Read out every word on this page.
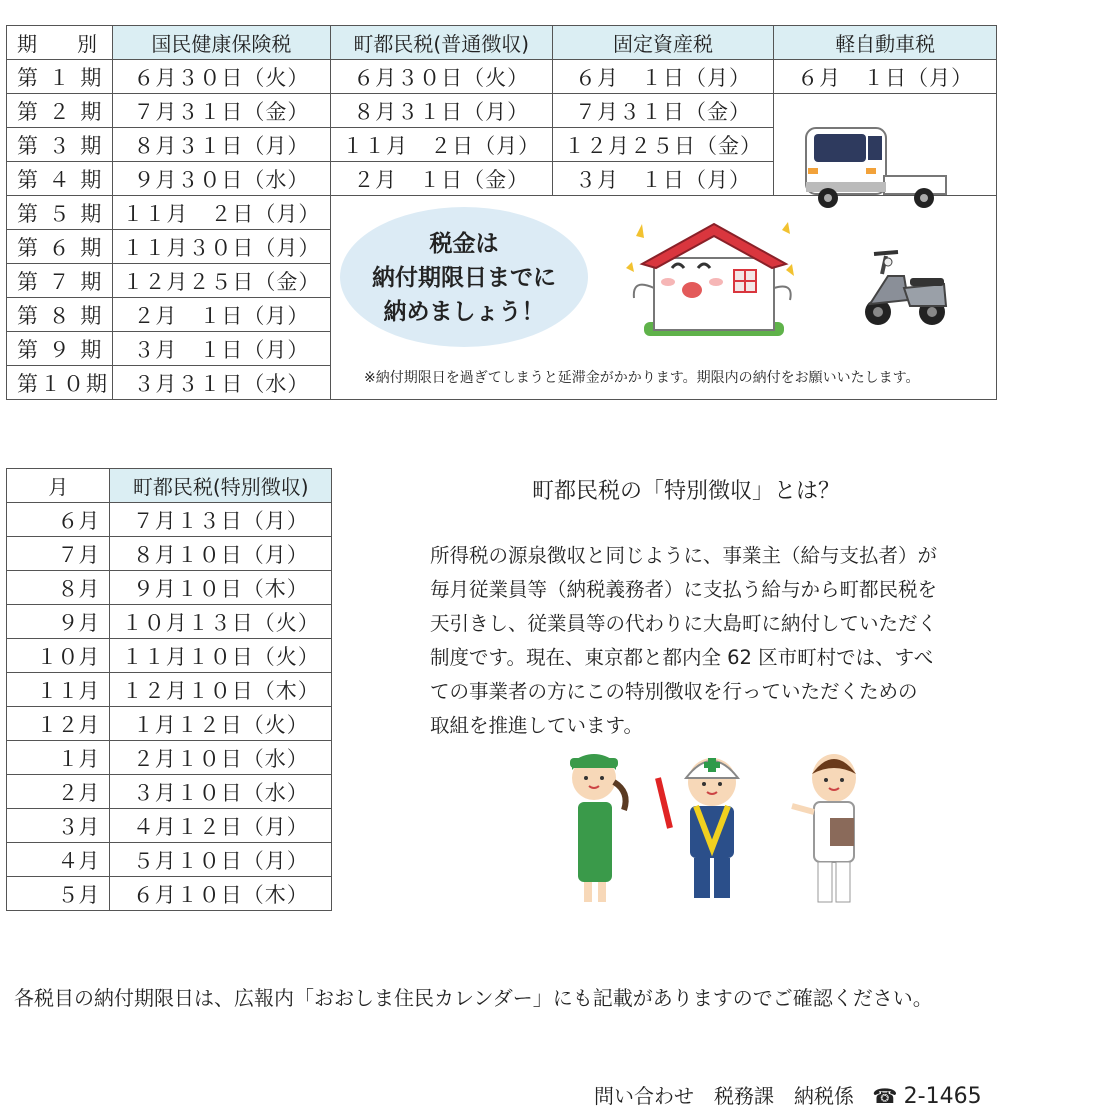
期　　別	国民健康保険税	町都民税(普通徴収)	固定資産税	軽自動車税
第 １ 期	６月３０日（火）	６月３０日（火）	６月　１日（月）	６月　１日（月）
第 ２ 期	７月３１日（金）	８月３１日（月）	７月３１日（金）	
第 ３ 期	８月３１日（月）	１１月　２日（月）	１２月２５日（金）	
第 ４ 期	９月３０日（水）	２月　１日（金）	３月　１日（月）	
第 ５ 期	１１月　２日（月）			
第 ６ 期	１１月３０日（月）			
第 ７ 期	１２月２５日（金）			
第 ８ 期	２月　１日（月）			
第 ９ 期	３月　１日（月）			
第１０期	３月３１日（水）			
税金は
納付期限日までに
納めましょう！
※納付期限日を過ぎてしまうと延滞金がかかります。期限内の納付をお願いいたします。
月	町都民税(特別徴収)
６月	７月１３日（月）
７月	８月１０日（月）
８月	９月１０日（木）
９月	１０月１３日（火）
１０月	１１月１０日（火）
１１月	１２月１０日（木）
１２月	１月１２日（火）
１月	２月１０日（水）
２月	３月１０日（水）
３月	４月１２日（月）
４月	５月１０日（月）
５月	６月１０日（木）
町都民税の「特別徴収」とは？
所得税の源泉徴収と同じように、事業主（給与支払者）が
毎月従業員等（納税義務者）に支払う給与から町都民税を
天引きし、従業員等の代わりに大島町に納付していただく
制度です。現在、東京都と都内全 62 区市町村では、すべ
ての事業者の方にこの特別徴収を行っていただくための
取組を推進しています。
各税目の納付期限日は、広報内「おおしま住民カレンダー」にも記載がありますのでご確認ください。
問い合わせ　税務課　納税係 ☎ 2-1465
